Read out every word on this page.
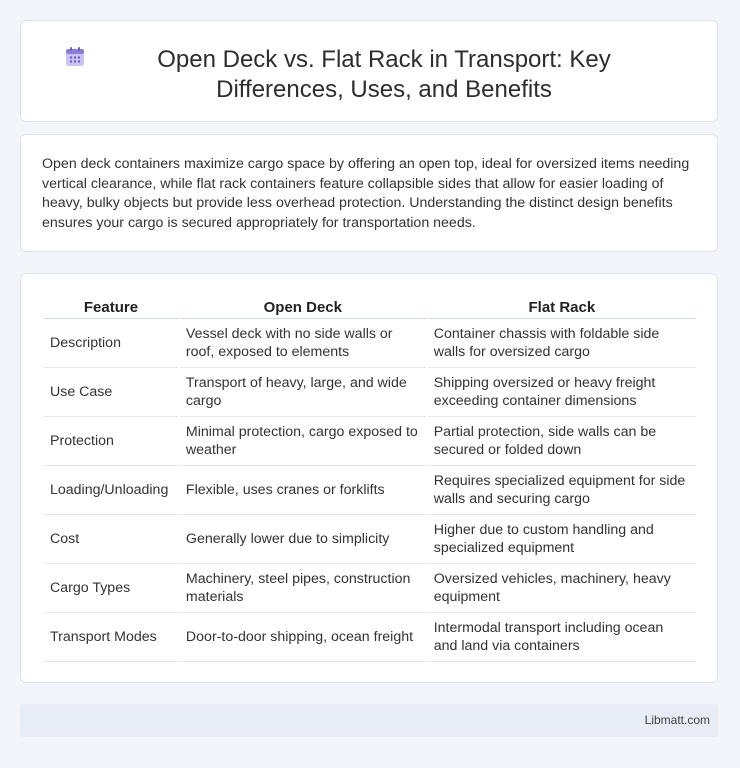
Open Deck vs. Flat Rack in Transport: Key Differences, Uses, and Benefits

Open deck containers maximize cargo space by offering an open top, ideal for oversized items needing vertical clearance, while flat rack containers feature collapsible sides that allow for easier loading of heavy, bulky objects but provide less overhead protection. Understanding the distinct design benefits ensures your cargo is secured appropriately for transportation needs.

Feature	Open Deck	Flat Rack
Description	Vessel deck with no side walls or roof, exposed to elements	Container chassis with foldable side walls for oversized cargo
Use Case	Transport of heavy, large, and wide cargo	Shipping oversized or heavy freight exceeding container dimensions
Protection	Minimal protection, cargo exposed to weather	Partial protection, side walls can be secured or folded down
Loading/Unloading	Flexible, uses cranes or forklifts	Requires specialized equipment for side walls and securing cargo
Cost	Generally lower due to simplicity	Higher due to custom handling and specialized equipment
Cargo Types	Machinery, steel pipes, construction materials	Oversized vehicles, machinery, heavy equipment
Transport Modes	Door-to-door shipping, ocean freight	Intermodal transport including ocean and land via containers
Libmatt.com
